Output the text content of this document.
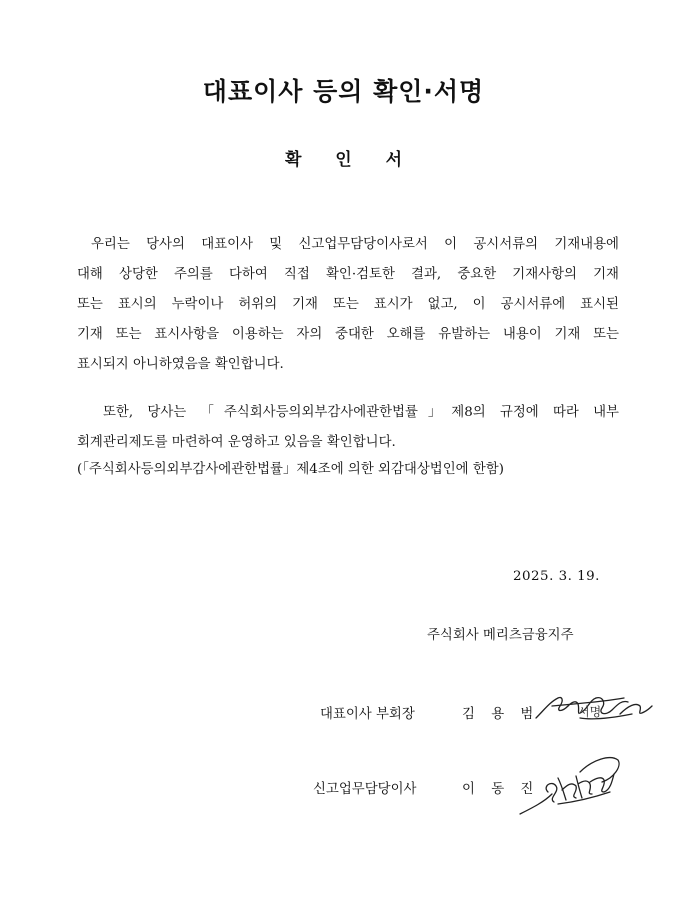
대표이사 등의 확인·서명
확 인 서
우리는 당사의 대표이사 및 신고업무담당이사로서 이 공시서류의 기재내용에
대해 상당한 주의를 다하여 직접 확인·검토한 결과, 중요한 기재사항의 기재
또는 표시의 누락이나 허위의 기재 또는 표시가 없고, 이 공시서류에 표시된
기재 또는 표시사항을 이용하는 자의 중대한 오해를 유발하는 내용이 기재 또는
표시되지 아니하였음을 확인합니다.
또한, 당사는 「주식회사등의외부감사에관한법률」제8의 규정에 따라 내부
회계관리제도를 마련하여 운영하고 있음을 확인합니다.
(「주식회사등의외부감사에관한법률」제4조에 의한 외감대상법인에 한함)
2025. 3. 19.
주식회사 메리츠금융지주
대표이사 부회장	김 용 범	서명
신고업무담당이사	이 동 진
